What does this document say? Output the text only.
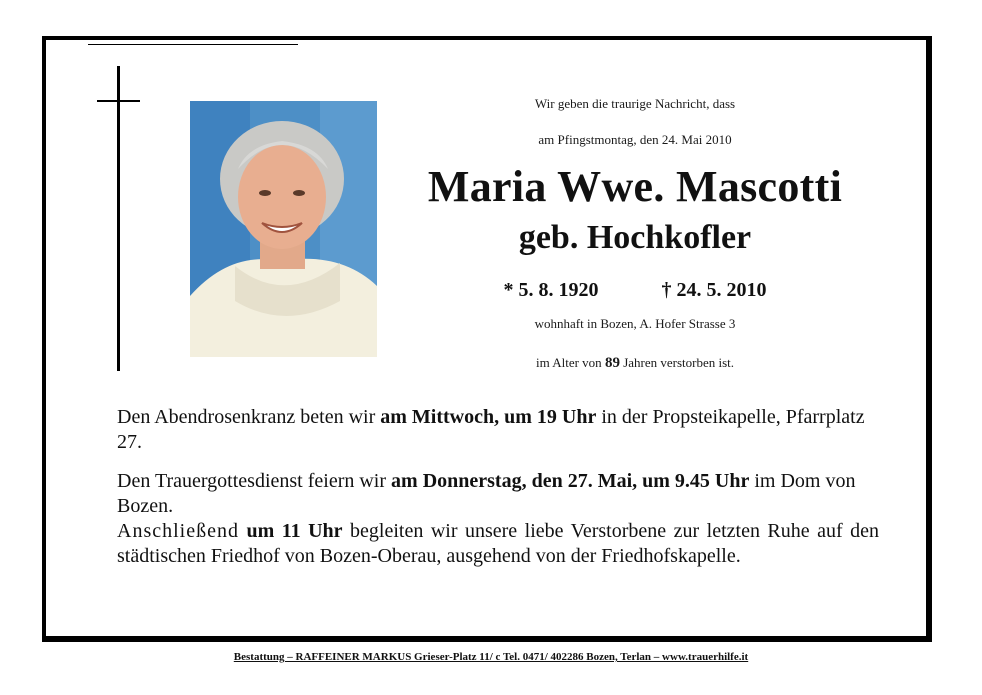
Wir geben die traurige Nachricht, dass
am Pfingstmontag, den 24. Mai 2010
Maria Wwe. Mascotti
geb. Hochkofler
* 5. 8. 1920	† 24. 5. 2010
wohnhaft in Bozen, A. Hofer Strasse 3
im Alter von 89 Jahren verstorben ist.

Den Abendrosenkranz beten wir am Mittwoch, um 19 Uhr in der Propsteikapelle, Pfarrplatz 27.

Den Trauergottesdienst feiern wir am Donnerstag, den 27. Mai, um 9.45 Uhr im Dom von Bozen.

Anschließend um 11 Uhr begleiten wir unsere liebe Verstorbene zur letzten Ruhe auf den städtischen Friedhof von Bozen-Oberau, ausgehend von der Friedhofskapelle.

Bestattung – RAFFEINER MARKUS Grieser-Platz 11/ c Tel. 0471/ 402286 Bozen, Terlan – www.trauerhilfe.it
